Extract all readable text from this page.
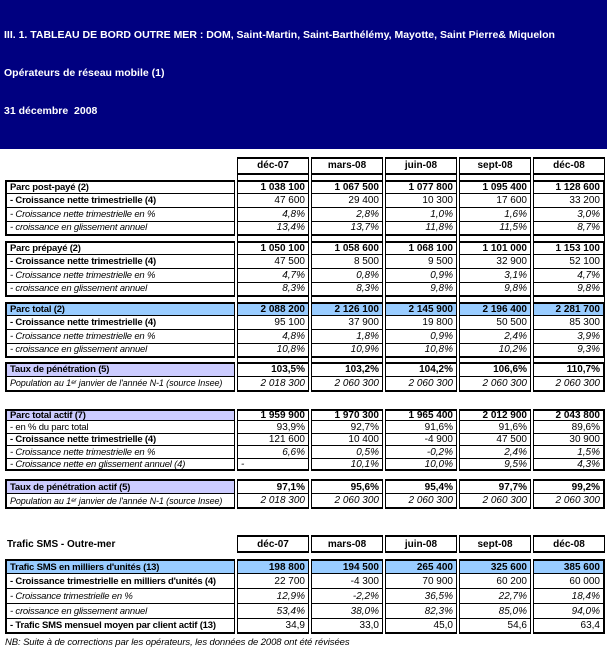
III. 1. TABLEAU DE BORD OUTRE MER : DOM, Saint-Martin, Saint-Barthélémy, Mayotte, Saint Pierre& Miquelon

Opérateurs de réseau mobile (1)

31 décembre  2008

déc-07	mars-08	juin-08	sept-08	déc-08
Parc post-payé (2)	1 038 100	1 067 500	1 077 800	1 095 400	1 128 600
- Croissance nette trimestrielle (4)	47 600	29 400	10 300	17 600	33 200
- Croissance nette trimestrielle en %	4,8%	2,8%	1,0%	1,6%	3,0%
- croissance en glissement annuel	13,4%	13,7%	11,8%	11,5%	8,7%
Parc prépayé (2)	1 050 100	1 058 600	1 068 100	1 101 000	1 153 100
- Croissance nette trimestrielle (4)	47 500	8 500	9 500	32 900	52 100
- Croissance nette trimestrielle en %	4,7%	0,8%	0,9%	3,1%	4,7%
- croissance en glissement annuel	8,3%	8,3%	9,8%	9,8%	9,8%
Parc total (2)	2 088 200	2 126 100	2 145 900	2 196 400	2 281 700
- Croissance nette trimestrielle (4)	95 100	37 900	19 800	50 500	85 300
- Croissance nette trimestrielle en %	4,8%	1,8%	0,9%	2,4%	3,9%
- croissance en glissement annuel	10,8%	10,9%	10,8%	10,2%	9,3%
Taux de pénétration (5)	103,5%	103,2%	104,2%	106,6%	110,7%
Population au 1ᵉʳ janvier de l'année N-1 (source Insee)	2 018 300	2 060 300	2 060 300	2 060 300	2 060 300
Parc total actif (7)	1 959 900	1 970 300	1 965 400	2 012 900	2 043 800
- en % du parc total	93,9%	92,7%	91,6%	91,6%	89,6%
- Croissance nette trimestrielle (4)	121 600	10 400	-4 900	47 500	30 900
- Croissance nette trimestrielle en %	6,6%	0,5%	-0,2%	2,4%	1,5%
- Croissance nette en glissement annuel (4)	-	10,1%	10,0%	9,5%	4,3%
Taux de pénétration actif (5)	97,1%	95,6%	95,4%	97,7%	99,2%
Population au 1ᵉʳ janvier de l'année N-1 (source Insee)	2 018 300	2 060 300	2 060 300	2 060 300	2 060 300
Trafic SMS - Outre-mer	déc-07	mars-08	juin-08	sept-08	déc-08
Trafic SMS en milliers d'unités (13)	198 800	194 500	265 400	325 600	385 600
- Croissance trimestrielle en milliers d'unités (4)	22 700	-4 300	70 900	60 200	60 000
- Croissance trimestrielle en %	12,9%	-2,2%	36,5%	22,7%	18,4%
- croissance en glissement annuel	53,4%	38,0%	82,3%	85,0%	94,0%
- Trafic SMS mensuel moyen par client actif (13)	34,9	33,0	45,0	54,6	63,4
NB: Suite à de corrections par les opérateurs, les données de 2008 ont été révisées
